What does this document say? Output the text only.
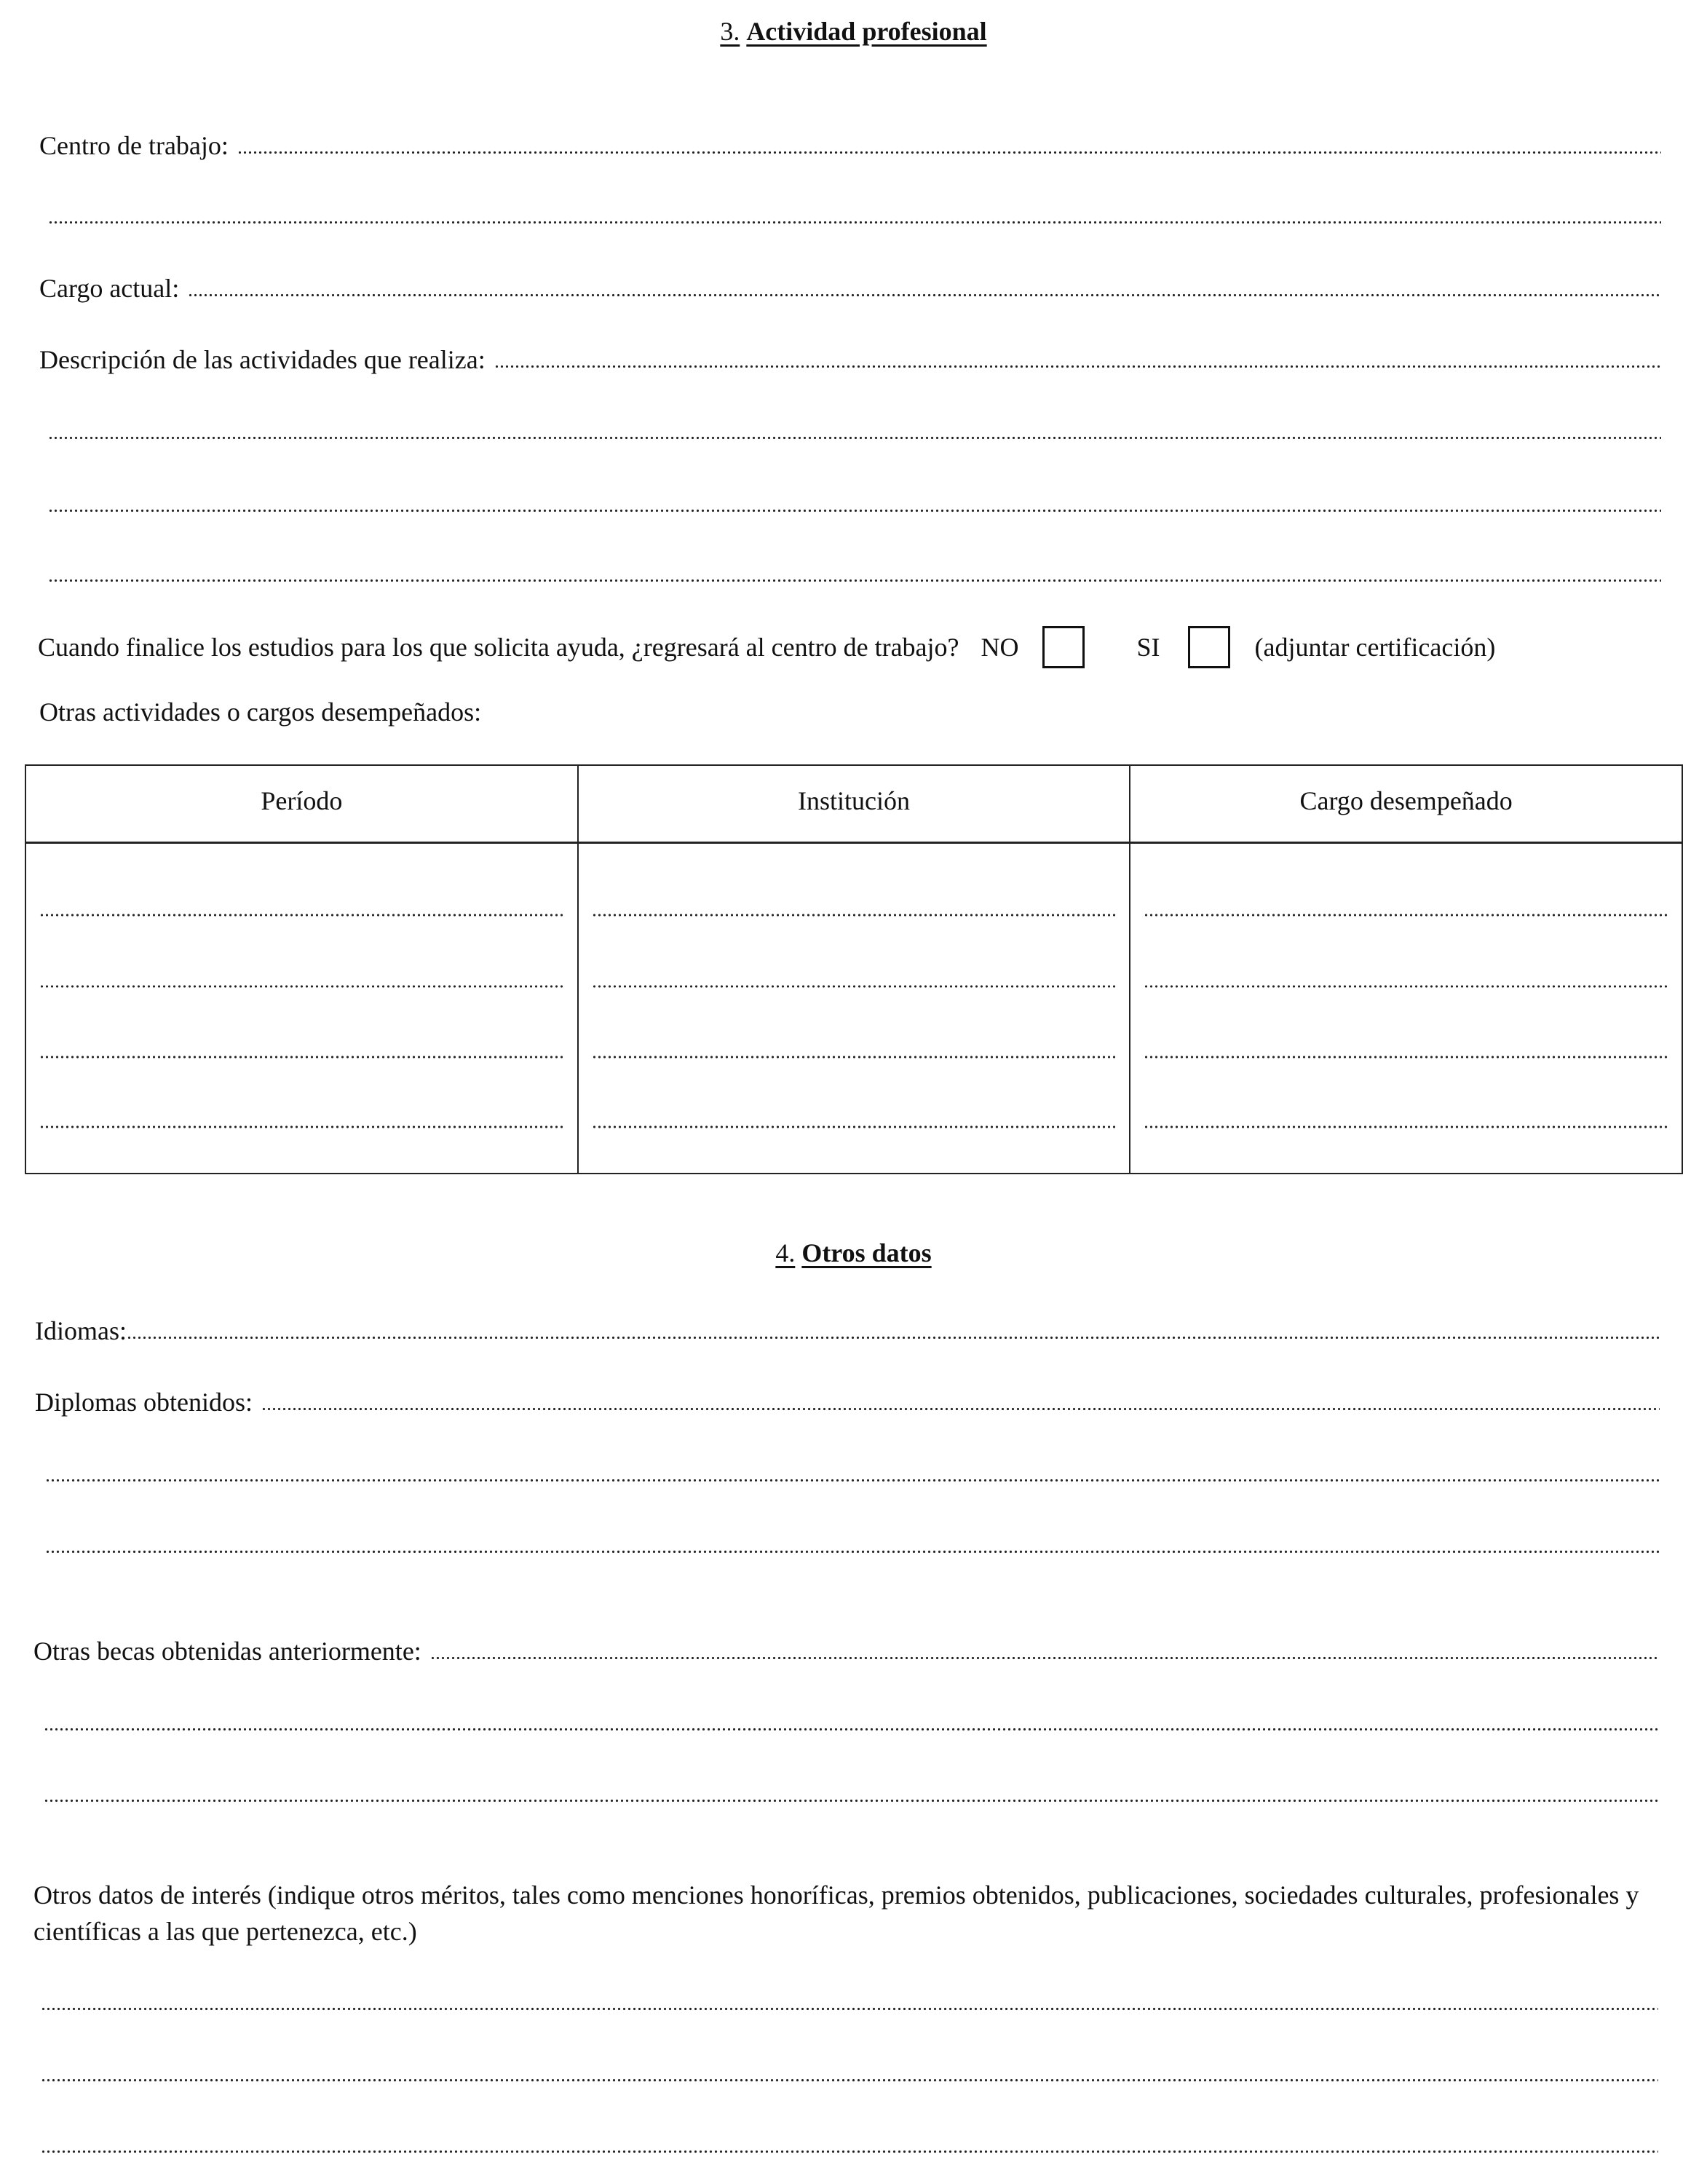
3. Actividad profesional
Centro de trabajo:
Cargo actual:
Descripción de las actividades que realiza:
Cuando finalice los estudios para los que solicita ayuda, ¿regresará al centro de trabajo? NO	SI	(adjuntar certificación)
Otras actividades o cargos desempeñados:
Período	Institución	Cargo desempeñado

4. Otros datos
Idiomas:
Diplomas obtenidos:
Otras becas obtenidas anteriormente:
Otros datos de interés (indique otros méritos, tales como menciones honoríficas, premios obtenidos, publicaciones, sociedades culturales, profesionales y científicas a las que pertenezca, etc.)
